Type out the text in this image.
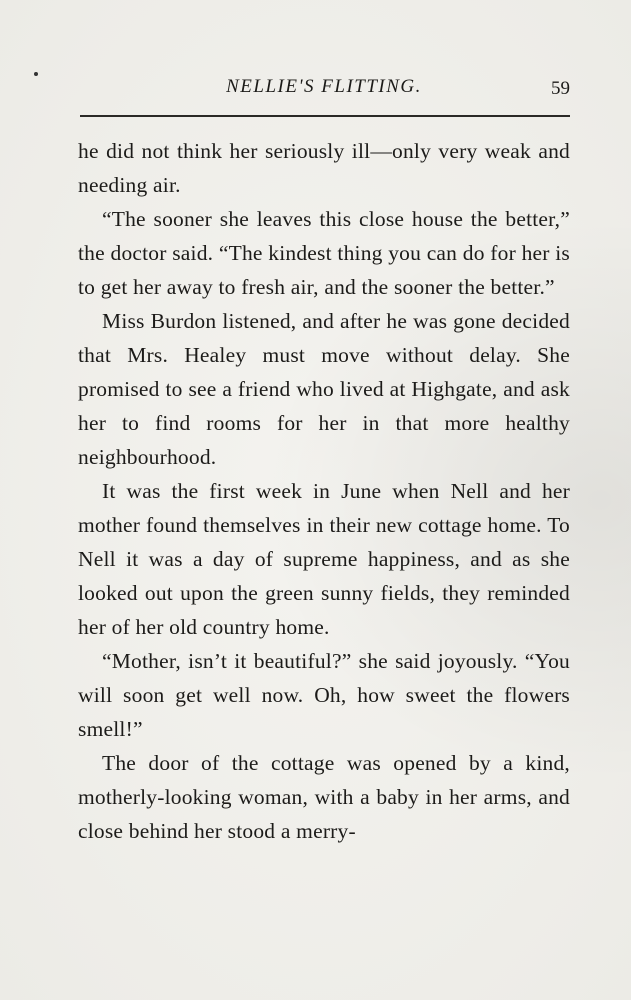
NELLIE'S FLITTING.	59

he did not think her seriously ill—only very weak and needing air.

“The sooner she leaves this close house the better,” the doctor said. “The kindest thing you can do for her is to get her away to fresh air, and the sooner the better.”

Miss Burdon listened, and after he was gone decided that Mrs. Healey must move without delay. She promised to see a friend who lived at Highgate, and ask her to find rooms for her in that more healthy neighbourhood.

It was the first week in June when Nell and her mother found themselves in their new cottage home. To Nell it was a day of supreme happiness, and as she looked out upon the green sunny fields, they reminded her of her old country home.

“Mother, isn’t it beautiful?” she said joyously. “You will soon get well now. Oh, how sweet the flowers smell!”

The door of the cottage was opened by a kind, motherly-looking woman, with a baby in her arms, and close behind her stood a merry-
